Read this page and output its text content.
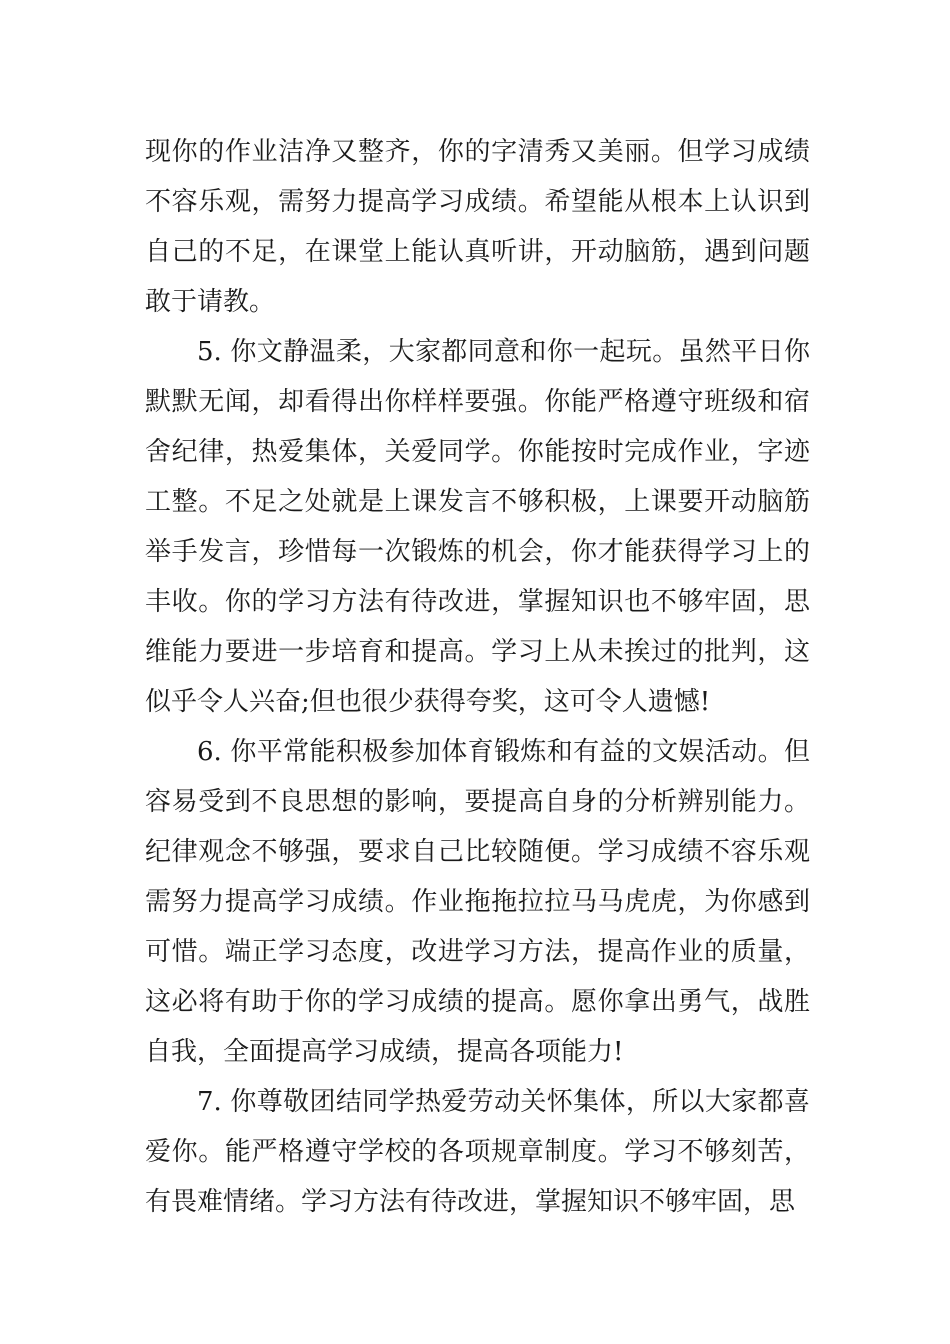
现你的作业洁净又整齐，你的字清秀又美丽。但学习成绩不容乐观，需努力提高学习成绩。希望能从根本上认识到自己的不足，在课堂上能认真听讲，开动脑筋，遇到问题敢于请教。

5. 你文静温柔，大家都同意和你一起玩。虽然平日你默默无闻，却看得出你样样要强。你能严格遵守班级和宿舍纪律，热爱集体，关爱同学。你能按时完成作业，字迹工整。不足之处就是上课发言不够积极，上课要开动脑筋举手发言，珍惜每一次锻炼的机会，你才能获得学习上的丰收。你的学习方法有待改进，掌握知识也不够牢固，思维能力要进一步培育和提高。学习上从未挨过的批判，这似乎令人兴奋;但也很少获得夸奖，这可令人遗憾!

6. 你平常能积极参加体育锻炼和有益的文娱活动。但容易受到不良思想的影响，要提高自身的分析辨别能力。纪律观念不够强，要求自己比较随便。学习成绩不容乐观需努力提高学习成绩。作业拖拖拉拉马马虎虎，为你感到可惜。端正学习态度，改进学习方法，提高作业的质量，这必将有助于你的学习成绩的提高。愿你拿出勇气，战胜自我，全面提高学习成绩，提高各项能力!

7. 你尊敬团结同学热爱劳动关怀集体，所以大家都喜爱你。能严格遵守学校的各项规章制度。学习不够刻苦，有畏难情绪。学习方法有待改进，掌握知识不够牢固，思
